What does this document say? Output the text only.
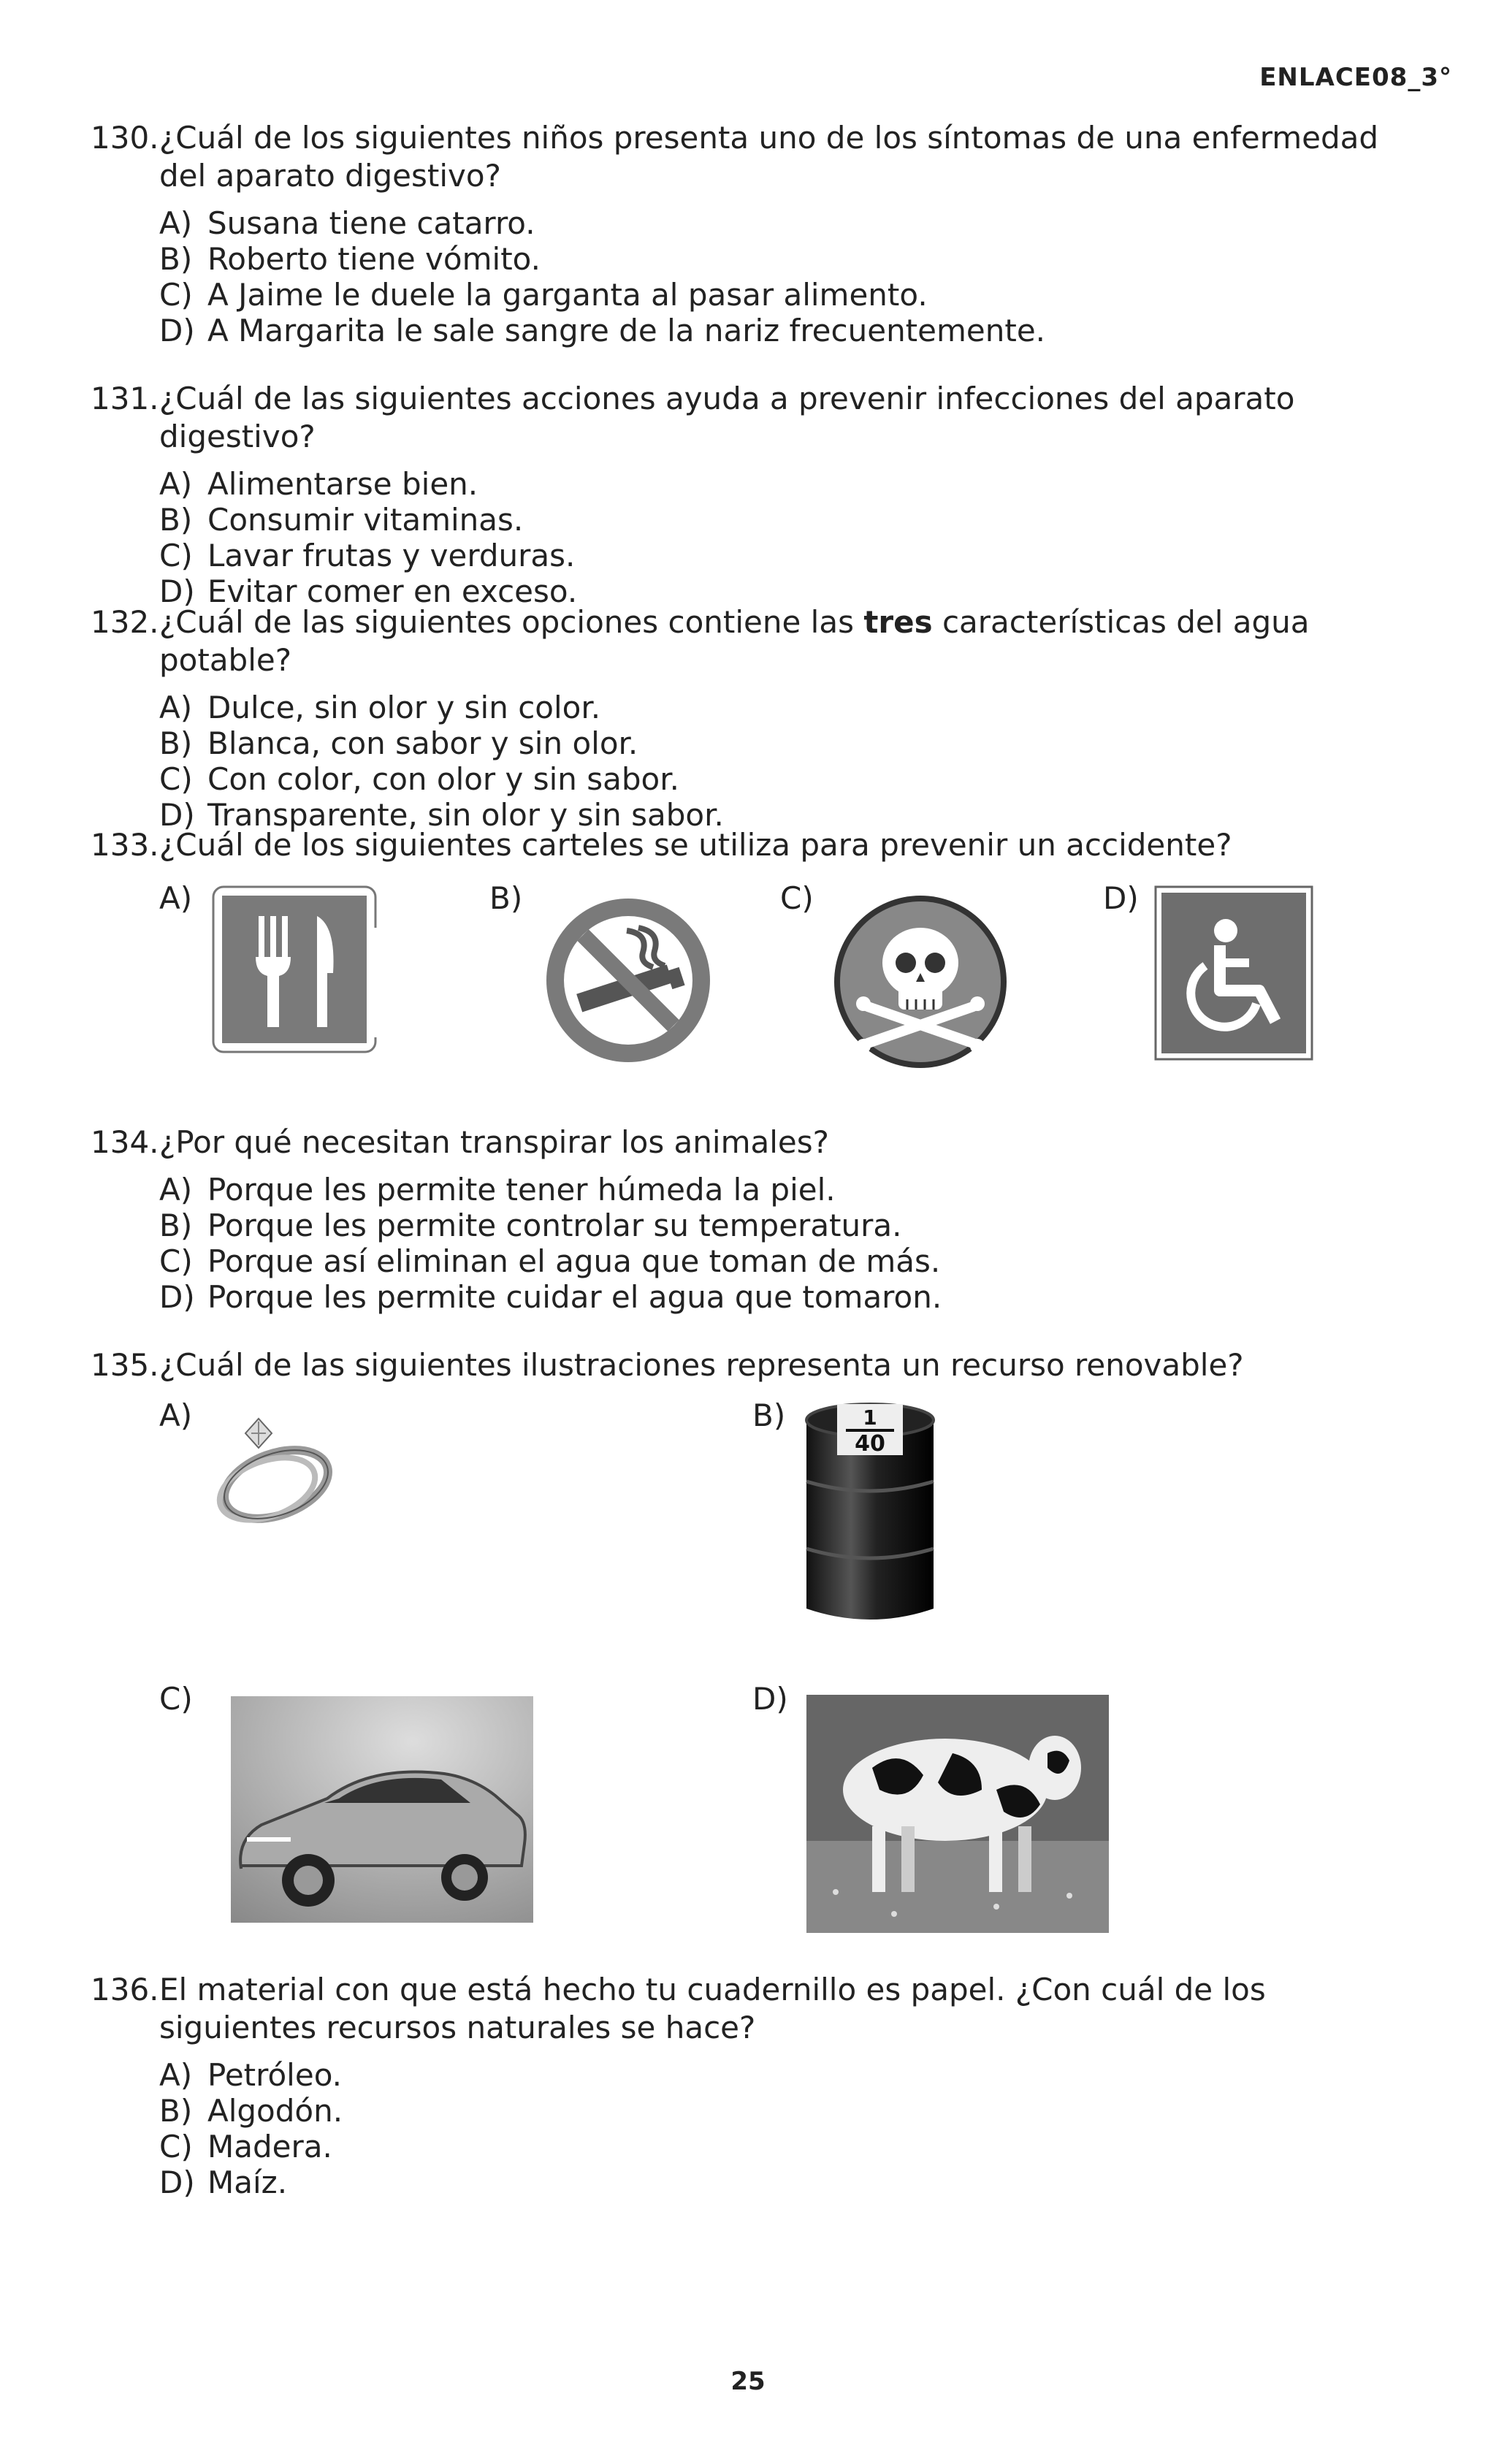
ENLACE08_3°
130. ¿Cuál de los siguientes niños presenta uno de los síntomas de una enfermedad del aparato digestivo?
A) Susana tiene catarro.
B) Roberto tiene vómito.
C) A Jaime le duele la garganta al pasar alimento.
D) A Margarita le sale sangre de la nariz frecuentemente.
131. ¿Cuál de las siguientes acciones ayuda a prevenir infecciones del aparato digestivo?
A) Alimentarse bien.
B) Consumir vitaminas.
C) Lavar frutas y verduras.
D) Evitar comer en exceso.
132. ¿Cuál de las siguientes opciones contiene las tres características del agua potable?
A) Dulce, sin olor y sin color.
B) Blanca, con sabor y sin olor.
C) Con color, con olor y sin sabor.
D) Transparente, sin olor y sin sabor.
133. ¿Cuál de los siguientes carteles se utiliza para prevenir un accidente?
A)	B)	C)	D)
134. ¿Por qué necesitan transpirar los animales?
A) Porque les permite tener húmeda la piel.
B) Porque les permite controlar su temperatura.
C) Porque así eliminan el agua que toman de más.
D) Porque les permite cuidar el agua que tomaron.
135. ¿Cuál de las siguientes ilustraciones representa un recurso renovable?
A)	B)
C)	D)
1
40
136. El material con que está hecho tu cuadernillo es papel. ¿Con cuál de los siguientes recursos naturales se hace?
A) Petróleo.
B) Algodón.
C) Madera.
D) Maíz.
25
